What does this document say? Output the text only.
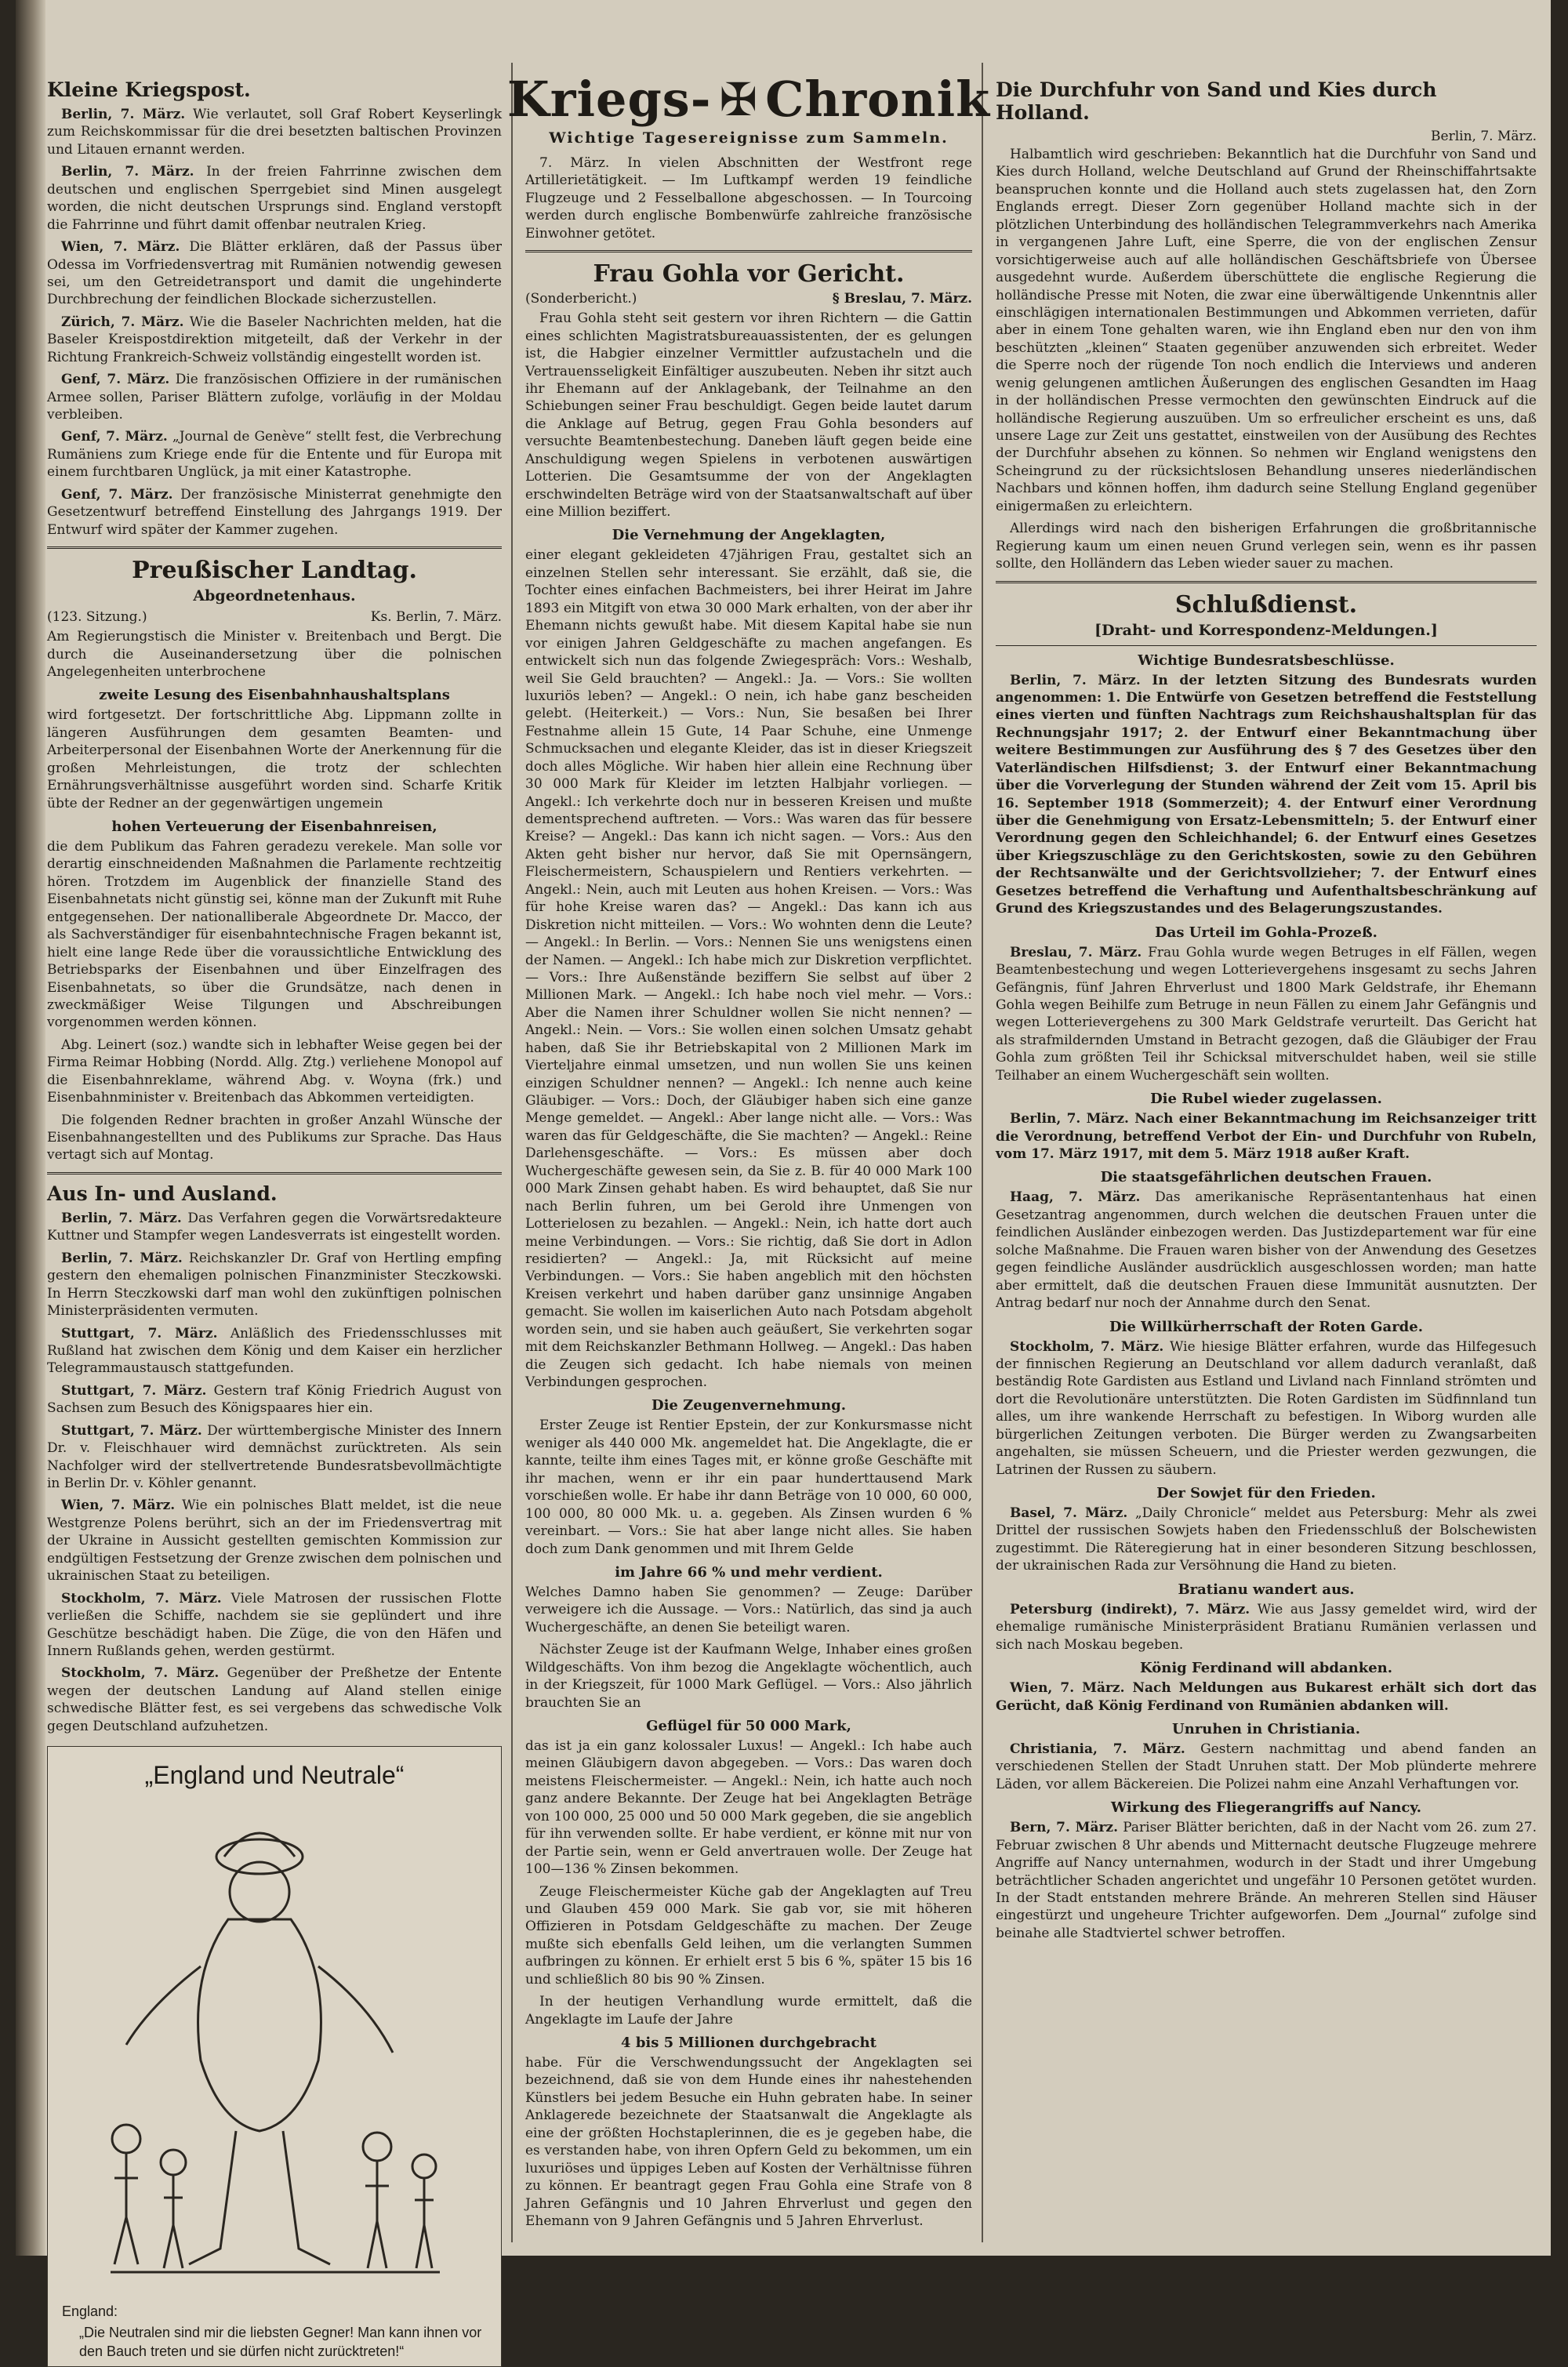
Kleine Kriegspost.

Berlin, 7. März. Wie verlautet, soll Graf Robert Keyserlingk zum Reichskommissar für die drei besetzten baltischen Provinzen und Litauen ernannt werden.

Berlin, 7. März. In der freien Fahrrinne zwischen dem deutschen und englischen Sperrgebiet sind Minen ausgelegt worden, die nicht deutschen Ursprungs sind. England verstopft die Fahrrinne und führt damit offenbar neutralen Krieg.

Wien, 7. März. Die Blätter erklären, daß der Passus über Odessa im Vorfriedensvertrag mit Rumänien notwendig gewesen sei, um den Getreidetransport und damit die ungehinderte Durchbrechung der feindlichen Blockade sicherzustellen.

Zürich, 7. März. Wie die Baseler Nachrichten melden, hat die Baseler Kreispostdirektion mitgeteilt, daß der Verkehr in der Richtung Frankreich-Schweiz vollständig eingestellt worden ist.

Genf, 7. März. Die französischen Offiziere in der rumänischen Armee sollen, Pariser Blättern zufolge, vorläufig in der Moldau verbleiben.

Genf, 7. März. „Journal de Genève“ stellt fest, die Verbrechung Rumäniens zum Kriege ende für die Entente und für Europa mit einem furchtbaren Unglück, ja mit einer Katastrophe.

Genf, 7. März. Der französische Ministerrat genehmigte den Gesetzentwurf betreffend Einstellung des Jahrgangs 1919. Der Entwurf wird später der Kammer zugehen.

Preußischer Landtag.
Abgeordnetenhaus.
(123. Sitzung.)	Ks. Berlin, 7. März.

Am Regierungstisch die Minister v. Breitenbach und Bergt. Die durch die Auseinandersetzung über die polnischen Angelegenheiten unterbrochene

zweite Lesung des Eisenbahnhaushaltsplans

wird fortgesetzt. Der fortschrittliche Abg. Lippmann zollte in längeren Ausführungen dem gesamten Beamten- und Arbeiterpersonal der Eisenbahnen Worte der Anerkennung für die großen Mehrleistungen, die trotz der schlechten Ernährungsverhältnisse ausgeführt worden sind. Scharfe Kritik übte der Redner an der gegenwärtigen ungemein

hohen Verteuerung der Eisenbahnreisen,

die dem Publikum das Fahren geradezu verekele. Man solle vor derartig einschneidenden Maßnahmen die Parlamente rechtzeitig hören. Trotzdem im Augenblick der finanzielle Stand des Eisenbahnetats nicht günstig sei, könne man der Zukunft mit Ruhe entgegensehen. Der nationalliberale Abgeordnete Dr. Macco, der als Sachverständiger für eisenbahntechnische Fragen bekannt ist, hielt eine lange Rede über die voraussichtliche Entwicklung des Betriebsparks der Eisenbahnen und über Einzelfragen des Eisenbahnetats, so über die Grundsätze, nach denen in zweckmäßiger Weise Tilgungen und Abschreibungen vorgenommen werden können.

Abg. Leinert (soz.) wandte sich in lebhafter Weise gegen bei der Firma Reimar Hobbing (Nordd. Allg. Ztg.) verliehene Monopol auf die Eisenbahnreklame, während Abg. v. Woyna (frk.) und Eisenbahnminister v. Breitenbach das Abkommen verteidigten.

Die folgenden Redner brachten in großer Anzahl Wünsche der Eisenbahnangestellten und des Publikums zur Sprache. Das Haus vertagt sich auf Montag.

Aus In- und Ausland.

Berlin, 7. März. Das Verfahren gegen die Vorwärtsredakteure Kuttner und Stampfer wegen Landesverrats ist eingestellt worden.

Berlin, 7. März. Reichskanzler Dr. Graf von Hertling empfing gestern den ehemaligen polnischen Finanzminister Steczkowski. In Herrn Steczkowski darf man wohl den zukünftigen polnischen Ministerpräsidenten vermuten.

Stuttgart, 7. März. Anläßlich des Friedensschlusses mit Rußland hat zwischen dem König und dem Kaiser ein herzlicher Telegrammaustausch stattgefunden.

Stuttgart, 7. März. Gestern traf König Friedrich August von Sachsen zum Besuch des Königspaares hier ein.

Stuttgart, 7. März. Der württembergische Minister des Innern Dr. v. Fleischhauer wird demnächst zurücktreten. Als sein Nachfolger wird der stellvertretende Bundesratsbevollmächtigte in Berlin Dr. v. Köhler genannt.

Wien, 7. März. Wie ein polnisches Blatt meldet, ist die neue Westgrenze Polens berührt, sich an der im Friedensvertrag mit der Ukraine in Aussicht gestellten gemischten Kommission zur endgültigen Festsetzung der Grenze zwischen dem polnischen und ukrainischen Staat zu beteiligen.

Stockholm, 7. März. Viele Matrosen der russischen Flotte verließen die Schiffe, nachdem sie sie geplündert und ihre Geschütze beschädigt haben. Die Züge, die von den Häfen und Innern Rußlands gehen, werden gestürmt.

Stockholm, 7. März. Gegenüber der Preßhetze der Entente wegen der deutschen Landung auf Aland stellen einige schwedische Blätter fest, es sei vergebens das schwedische Volk gegen Deutschland aufzuhetzen.

„England und Neutrale“
England:
„Die Neutralen sind mir die liebsten Gegner! Man kann ihnen vor den Bauch treten und sie dürfen nicht zurücktreten!“
Kriegs- ✠ Chronik
Wichtige Tagesereignisse zum Sammeln.

7. März. In vielen Abschnitten der Westfront rege Artillerietätigkeit. — Im Luftkampf werden 19 feindliche Flugzeuge und 2 Fesselballone abgeschossen. — In Tourcoing werden durch englische Bombenwürfe zahlreiche französische Einwohner getötet.

Frau Gohla vor Gericht.
(Sonderbericht.)	§ Breslau, 7. März.

Frau Gohla steht seit gestern vor ihren Richtern — die Gattin eines schlichten Magistratsbureauassistenten, der es gelungen ist, die Habgier einzelner Vermittler aufzustacheln und die Vertrauensseligkeit Einfältiger auszubeuten. Neben ihr sitzt auch ihr Ehemann auf der Anklagebank, der Teilnahme an den Schiebungen seiner Frau beschuldigt. Gegen beide lautet darum die Anklage auf Betrug, gegen Frau Gohla besonders auf versuchte Beamtenbestechung. Daneben läuft gegen beide eine Anschuldigung wegen Spielens in verbotenen auswärtigen Lotterien. Die Gesamtsumme der von der Angeklagten erschwindelten Beträge wird von der Staatsanwaltschaft auf über eine Million beziffert.

Die Vernehmung der Angeklagten,

einer elegant gekleideten 47jährigen Frau, gestaltet sich an einzelnen Stellen sehr interessant. Sie erzählt, daß sie, die Tochter eines einfachen Bachmeisters, bei ihrer Heirat im Jahre 1893 ein Mitgift von etwa 30 000 Mark erhalten, von der aber ihr Ehemann nichts gewußt habe. Mit diesem Kapital habe sie nun vor einigen Jahren Geldgeschäfte zu machen angefangen. Es entwickelt sich nun das folgende Zwiegespräch: Vors.: Weshalb, weil Sie Geld brauchten? — Angekl.: Ja. — Vors.: Sie wollten luxuriös leben? — Angekl.: O nein, ich habe ganz bescheiden gelebt. (Heiterkeit.) — Vors.: Nun, Sie besaßen bei Ihrer Festnahme allein 15 Gute, 14 Paar Schuhe, eine Unmenge Schmucksachen und elegante Kleider, das ist in dieser Kriegszeit doch alles Mögliche. Wir haben hier allein eine Rechnung über 30 000 Mark für Kleider im letzten Halbjahr vorliegen. — Angekl.: Ich verkehrte doch nur in besseren Kreisen und mußte dementsprechend auftreten. — Vors.: Was waren das für bessere Kreise? — Angekl.: Das kann ich nicht sagen. — Vors.: Aus den Akten geht bisher nur hervor, daß Sie mit Opernsängern, Fleischermeistern, Schauspielern und Rentiers verkehrten. — Angekl.: Nein, auch mit Leuten aus hohen Kreisen. — Vors.: Was für hohe Kreise waren das? — Angekl.: Das kann ich aus Diskretion nicht mitteilen. — Vors.: Wo wohnten denn die Leute? — Angekl.: In Berlin. — Vors.: Nennen Sie uns wenigstens einen der Namen. — Angekl.: Ich habe mich zur Diskretion verpflichtet. — Vors.: Ihre Außenstände beziffern Sie selbst auf über 2 Millionen Mark. — Angekl.: Ich habe noch viel mehr. — Vors.: Aber die Namen ihrer Schuldner wollen Sie nicht nennen? — Angekl.: Nein. — Vors.: Sie wollen einen solchen Umsatz gehabt haben, daß Sie ihr Betriebskapital von 2 Millionen Mark im Vierteljahre einmal umsetzen, und nun wollen Sie uns keinen einzigen Schuldner nennen? — Angekl.: Ich nenne auch keine Gläubiger. — Vors.: Doch, der Gläubiger haben sich eine ganze Menge gemeldet. — Angekl.: Aber lange nicht alle. — Vors.: Was waren das für Geldgeschäfte, die Sie machten? — Angekl.: Reine Darlehensgeschäfte. — Vors.: Es müssen aber doch Wuchergeschäfte gewesen sein, da Sie z. B. für 40 000 Mark 100 000 Mark Zinsen gehabt haben. Es wird behauptet, daß Sie nur nach Berlin fuhren, um bei Gerold ihre Unmengen von Lotterielosen zu bezahlen. — Angekl.: Nein, ich hatte dort auch meine Verbindungen. — Vors.: Sie richtig, daß Sie dort in Adlon residierten? — Angekl.: Ja, mit Rücksicht auf meine Verbindungen. — Vors.: Sie haben angeblich mit den höchsten Kreisen verkehrt und haben darüber ganz unsinnige Angaben gemacht. Sie wollen im kaiserlichen Auto nach Potsdam abgeholt worden sein, und sie haben auch geäußert, Sie verkehrten sogar mit dem Reichskanzler Bethmann Hollweg. — Angekl.: Das haben die Zeugen sich gedacht. Ich habe niemals von meinen Verbindungen gesprochen.

Die Zeugenvernehmung.

Erster Zeuge ist Rentier Epstein, der zur Konkursmasse nicht weniger als 440 000 Mk. angemeldet hat. Die Angeklagte, die er kannte, teilte ihm eines Tages mit, er könne große Geschäfte mit ihr machen, wenn er ihr ein paar hunderttausend Mark vorschießen wolle. Er habe ihr dann Beträge von 10 000, 60 000, 100 000, 80 000 Mk. u. a. gegeben. Als Zinsen wurden 6 % vereinbart. — Vors.: Sie hat aber lange nicht alles. Sie haben doch zum Dank genommen und mit Ihrem Gelde

im Jahre 66 % und mehr verdient.

Welches Damno haben Sie genommen? — Zeuge: Darüber verweigere ich die Aussage. — Vors.: Natürlich, das sind ja auch Wuchergeschäfte, an denen Sie beteiligt waren.

Nächster Zeuge ist der Kaufmann Welge, Inhaber eines großen Wildgeschäfts. Von ihm bezog die Angeklagte wöchentlich, auch in der Kriegszeit, für 1000 Mark Geflügel. — Vors.: Also jährlich brauchten Sie an

Geflügel für 50 000 Mark,

das ist ja ein ganz kolossaler Luxus! — Angekl.: Ich habe auch meinen Gläubigern davon abgegeben. — Vors.: Das waren doch meistens Fleischermeister. — Angekl.: Nein, ich hatte auch noch ganz andere Bekannte. Der Zeuge hat bei Angeklagten Beträge von 100 000, 25 000 und 50 000 Mark gegeben, die sie angeblich für ihn verwenden sollte. Er habe verdient, er könne mit nur von der Partie sein, wenn er Geld anvertrauen wolle. Der Zeuge hat 100—136 % Zinsen bekommen.

Zeuge Fleischermeister Küche gab der Angeklagten auf Treu und Glauben 459 000 Mark. Sie gab vor, sie mit höheren Offizieren in Potsdam Geldgeschäfte zu machen. Der Zeuge mußte sich ebenfalls Geld leihen, um die verlangten Summen aufbringen zu können. Er erhielt erst 5 bis 6 %, später 15 bis 16 und schließlich 80 bis 90 % Zinsen.

In der heutigen Verhandlung wurde ermittelt, daß die Angeklagte im Laufe der Jahre

4 bis 5 Millionen durchgebracht

habe. Für die Verschwendungssucht der Angeklagten sei bezeichnend, daß sie von dem Hunde eines ihr nahestehenden Künstlers bei jedem Besuche ein Huhn gebraten habe. In seiner Anklagerede bezeichnete der Staatsanwalt die Angeklagte als eine der größten Hochstaplerinnen, die es je gegeben habe, die es verstanden habe, von ihren Opfern Geld zu bekommen, um ein luxuriöses und üppiges Leben auf Kosten der Verhältnisse führen zu können. Er beantragt gegen Frau Gohla eine Strafe von 8 Jahren Gefängnis und 10 Jahren Ehrverlust und gegen den Ehemann von 9 Jahren Gefängnis und 5 Jahren Ehrverlust.

Die Durchfuhr von Sand und Kies durch Holland.
Berlin, 7. März.

Halbamtlich wird geschrieben: Bekanntlich hat die Durchfuhr von Sand und Kies durch Holland, welche Deutschland auf Grund der Rheinschiffahrtsakte beanspruchen konnte und die Holland auch stets zugelassen hat, den Zorn Englands erregt. Dieser Zorn gegenüber Holland machte sich in der plötzlichen Unterbindung des holländischen Telegrammverkehrs nach Amerika in vergangenen Jahre Luft, eine Sperre, die von der englischen Zensur vorsichtigerweise auch auf alle holländischen Geschäftsbriefe von Übersee ausgedehnt wurde. Außerdem überschüttete die englische Regierung die holländische Presse mit Noten, die zwar eine überwältigende Unkenntnis aller einschlägigen internationalen Bestimmungen und Abkommen verrieten, dafür aber in einem Tone gehalten waren, wie ihn England eben nur den von ihm beschützten „kleinen“ Staaten gegenüber anzuwenden sich erbreitet. Weder die Sperre noch der rügende Ton noch endlich die Interviews und anderen wenig gelungenen amtlichen Äußerungen des englischen Gesandten im Haag in der holländischen Presse vermochten den gewünschten Eindruck auf die holländische Regierung auszuüben. Um so erfreulicher erscheint es uns, daß unsere Lage zur Zeit uns gestattet, einstweilen von der Ausübung des Rechtes der Durchfuhr absehen zu können. So nehmen wir England wenigstens den Scheingrund zu der rücksichtslosen Behandlung unseres niederländischen Nachbars und können hoffen, ihm dadurch seine Stellung England gegenüber einigermaßen zu erleichtern.

Allerdings wird nach den bisherigen Erfahrungen die großbritannische Regierung kaum um einen neuen Grund verlegen sein, wenn es ihr passen sollte, den Holländern das Leben wieder sauer zu machen.

Schlußdienst.
[Draht- und Korrespondenz-Meldungen.]
Wichtige Bundesratsbeschlüsse.

Berlin, 7. März. In der letzten Sitzung des Bundesrats wurden angenommen: 1. Die Entwürfe von Gesetzen betreffend die Feststellung eines vierten und fünften Nachtrags zum Reichshaushaltsplan für das Rechnungsjahr 1917; 2. der Entwurf einer Bekanntmachung über weitere Bestimmungen zur Ausführung des § 7 des Gesetzes über den Vaterländischen Hilfsdienst; 3. der Entwurf einer Bekanntmachung über die Vorverlegung der Stunden während der Zeit vom 15. April bis 16. September 1918 (Sommerzeit); 4. der Entwurf einer Verordnung über die Genehmigung von Ersatz-Lebensmitteln; 5. der Entwurf einer Verordnung gegen den Schleichhandel; 6. der Entwurf eines Gesetzes über Kriegszuschläge zu den Gerichtskosten, sowie zu den Gebühren der Rechtsanwälte und der Gerichtsvollzieher; 7. der Entwurf eines Gesetzes betreffend die Verhaftung und Aufenthaltsbeschränkung auf Grund des Kriegszustandes und des Belagerungszustandes.

Das Urteil im Gohla-Prozeß.

Breslau, 7. März. Frau Gohla wurde wegen Betruges in elf Fällen, wegen Beamtenbestechung und wegen Lotterievergehens insgesamt zu sechs Jahren Gefängnis, fünf Jahren Ehrverlust und 1800 Mark Geldstrafe, ihr Ehemann Gohla wegen Beihilfe zum Betruge in neun Fällen zu einem Jahr Gefängnis und wegen Lotterievergehens zu 300 Mark Geldstrafe verurteilt. Das Gericht hat als strafmildernden Umstand in Betracht gezogen, daß die Gläubiger der Frau Gohla zum größten Teil ihr Schicksal mitverschuldet haben, weil sie stille Teilhaber an einem Wuchergeschäft sein wollten.

Die Rubel wieder zugelassen.

Berlin, 7. März. Nach einer Bekanntmachung im Reichsanzeiger tritt die Verordnung, betreffend Verbot der Ein- und Durchfuhr von Rubeln, vom 17. März 1917, mit dem 5. März 1918 außer Kraft.

Die staatsgefährlichen deutschen Frauen.

Haag, 7. März. Das amerikanische Repräsentantenhaus hat einen Gesetzantrag angenommen, durch welchen die deutschen Frauen unter die feindlichen Ausländer einbezogen werden. Das Justizdepartement war für eine solche Maßnahme. Die Frauen waren bisher von der Anwendung des Gesetzes gegen feindliche Ausländer ausdrücklich ausgeschlossen worden; man hatte aber ermittelt, daß die deutschen Frauen diese Immunität ausnutzten. Der Antrag bedarf nur noch der Annahme durch den Senat.

Die Willkürherrschaft der Roten Garde.

Stockholm, 7. März. Wie hiesige Blätter erfahren, wurde das Hilfegesuch der finnischen Regierung an Deutschland vor allem dadurch veranlaßt, daß beständig Rote Gardisten aus Estland und Livland nach Finnland strömten und dort die Revolutionäre unterstützten. Die Roten Gardisten im Südfinnland tun alles, um ihre wankende Herrschaft zu befestigen. In Wiborg wurden alle bürgerlichen Zeitungen verboten. Die Bürger werden zu Zwangsarbeiten angehalten, sie müssen Scheuern, und die Priester werden gezwungen, die Latrinen der Russen zu säubern.

Der Sowjet für den Frieden.

Basel, 7. März. „Daily Chronicle“ meldet aus Petersburg: Mehr als zwei Drittel der russischen Sowjets haben den Friedensschluß der Bolschewisten zugestimmt. Die Räteregierung hat in einer besonderen Sitzung beschlossen, der ukrainischen Rada zur Versöhnung die Hand zu bieten.

Bratianu wandert aus.

Petersburg (indirekt), 7. März. Wie aus Jassy gemeldet wird, wird der ehemalige rumänische Ministerpräsident Bratianu Rumänien verlassen und sich nach Moskau begeben.

König Ferdinand will abdanken.

Wien, 7. März. Nach Meldungen aus Bukarest erhält sich dort das Gerücht, daß König Ferdinand von Rumänien abdanken will.

Unruhen in Christiania.

Christiania, 7. März. Gestern nachmittag und abend fanden an verschiedenen Stellen der Stadt Unruhen statt. Der Mob plünderte mehrere Läden, vor allem Bäckereien. Die Polizei nahm eine Anzahl Verhaftungen vor.

Wirkung des Fliegerangriffs auf Nancy.

Bern, 7. März. Pariser Blätter berichten, daß in der Nacht vom 26. zum 27. Februar zwischen 8 Uhr abends und Mitternacht deutsche Flugzeuge mehrere Angriffe auf Nancy unternahmen, wodurch in der Stadt und ihrer Umgebung beträchtlicher Schaden angerichtet und ungefähr 10 Personen getötet wurden. In der Stadt entstanden mehrere Brände. An mehreren Stellen sind Häuser eingestürzt und ungeheure Trichter aufgeworfen. Dem „Journal“ zufolge sind beinahe alle Stadtviertel schwer betroffen.
